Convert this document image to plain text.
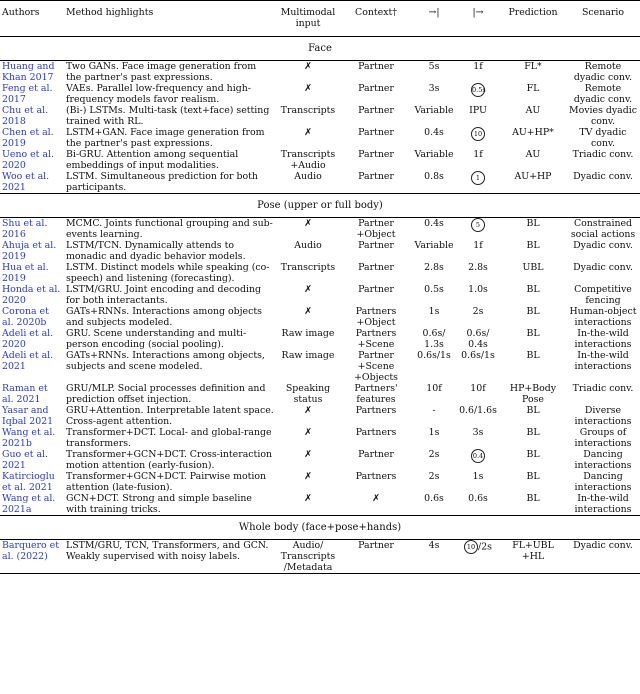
Authors	Method highlights	Multimodal input	Context†	→|	|→	Prediction	Scenario
Face							
Huang and Khan 2017	Two GANs. Face image generation from the partner's past expressions.	✗	Partner	5s	1f	FL*	Remote dyadic conv.
Feng et al. 2017	VAEs. Parallel low-frequency and high-frequency models favor realism.	✗	Partner	3s	0.5s	FL	Remote dyadic conv.
Chu et al. 2018	(Bi-) LSTMs. Multi-task (text+face) setting trained with RL.	Transcripts	Partner	Variable	IPU	AU	Movies dyadic conv.
Chen et al. 2019	LSTM+GAN. Face image generation from the partner's past expressions.	✗	Partner	0.4s	10	AU+HP*	TV dyadic conv.
Ueno et al. 2020	Bi-GRU. Attention among sequential embeddings of input modalities.	Transcripts +Audio	Partner	Variable	1f	AU	Triadic conv.
Woo et al. 2021	LSTM. Simultaneous prediction for both participants.	Audio	Partner	0.8s	1	AU+HP	Dyadic conv.
Pose (upper or full body)							
Shu et al. 2016	MCMC. Joints functional grouping and sub-events learning.	✗	Partner +Object	0.4s	5	BL	Constrained social actions
Ahuja et al. 2019	LSTM/TCN. Dynamically attends to monadic and dyadic behavior models.	Audio	Partner	Variable	1f	BL	Dyadic conv.
Hua et al. 2019	LSTM. Distinct models while speaking (co-speech) and listening (forecasting).	Transcripts	Partner	2.8s	2.8s	UBL	Dyadic conv.
Honda et al. 2020	LSTM/GRU. Joint encoding and decoding for both interactants.	✗	Partner	0.5s	1.0s	BL	Competitive fencing
Corona et al. 2020b	GATs+RNNs. Interactions among objects and subjects modeled.	✗	Partners +Object	1s	2s	BL	Human-object interactions
Adeli et al. 2020	GRU. Scene understanding and multi-person encoding (social pooling).	Raw image	Partners +Scene	0.6s/ 1.3s	0.6s/ 0.4s	BL	In-the-wild interactions
Adeli et al. 2021	GATs+RNNs. Interactions among objects, subjects and scene modeled.	Raw image	Partner +Scene +Objects	0.6s/1s	0.6s/1s	BL	In-the-wild interactions
Raman et al. 2021	GRU/MLP. Social processes definition and prediction offset injection.	Speaking status	Partners' features	10f	10f	HP+Body Pose	Triadic conv.
Yasar and Iqbal 2021	GRU+Attention. Interpretable latent space. Cross-agent attention.	✗	Partners	-	0.6/1.6s	BL	Diverse interactions
Wang et al. 2021b	Transformer+DCT. Local- and global-range transformers.	✗	Partners	1s	3s	BL	Groups of interactions
Guo et al. 2021	Transformer+GCN+DCT. Cross-interaction motion attention (early-fusion).	✗	Partner	2s	0.4	BL	Dancing interactions
Katircioglu et al. 2021	Transformer+GCN+DCT. Pairwise motion attention (late-fusion).	✗	Partners	2s	1s	BL	Dancing interactions
Wang et al. 2021a	GCN+DCT. Strong and simple baseline with training tricks.	✗	✗	0.6s	0.6s	BL	In-the-wild interactions
Whole body (face+pose+hands)							
Barquero et al. (2022)	LSTM/GRU, TCN, Transformers, and GCN. Weakly supervised with noisy labels.	Audio/ Transcripts /Metadata	Partner	4s	10 /2s	FL+UBL +HL	Dyadic conv.
